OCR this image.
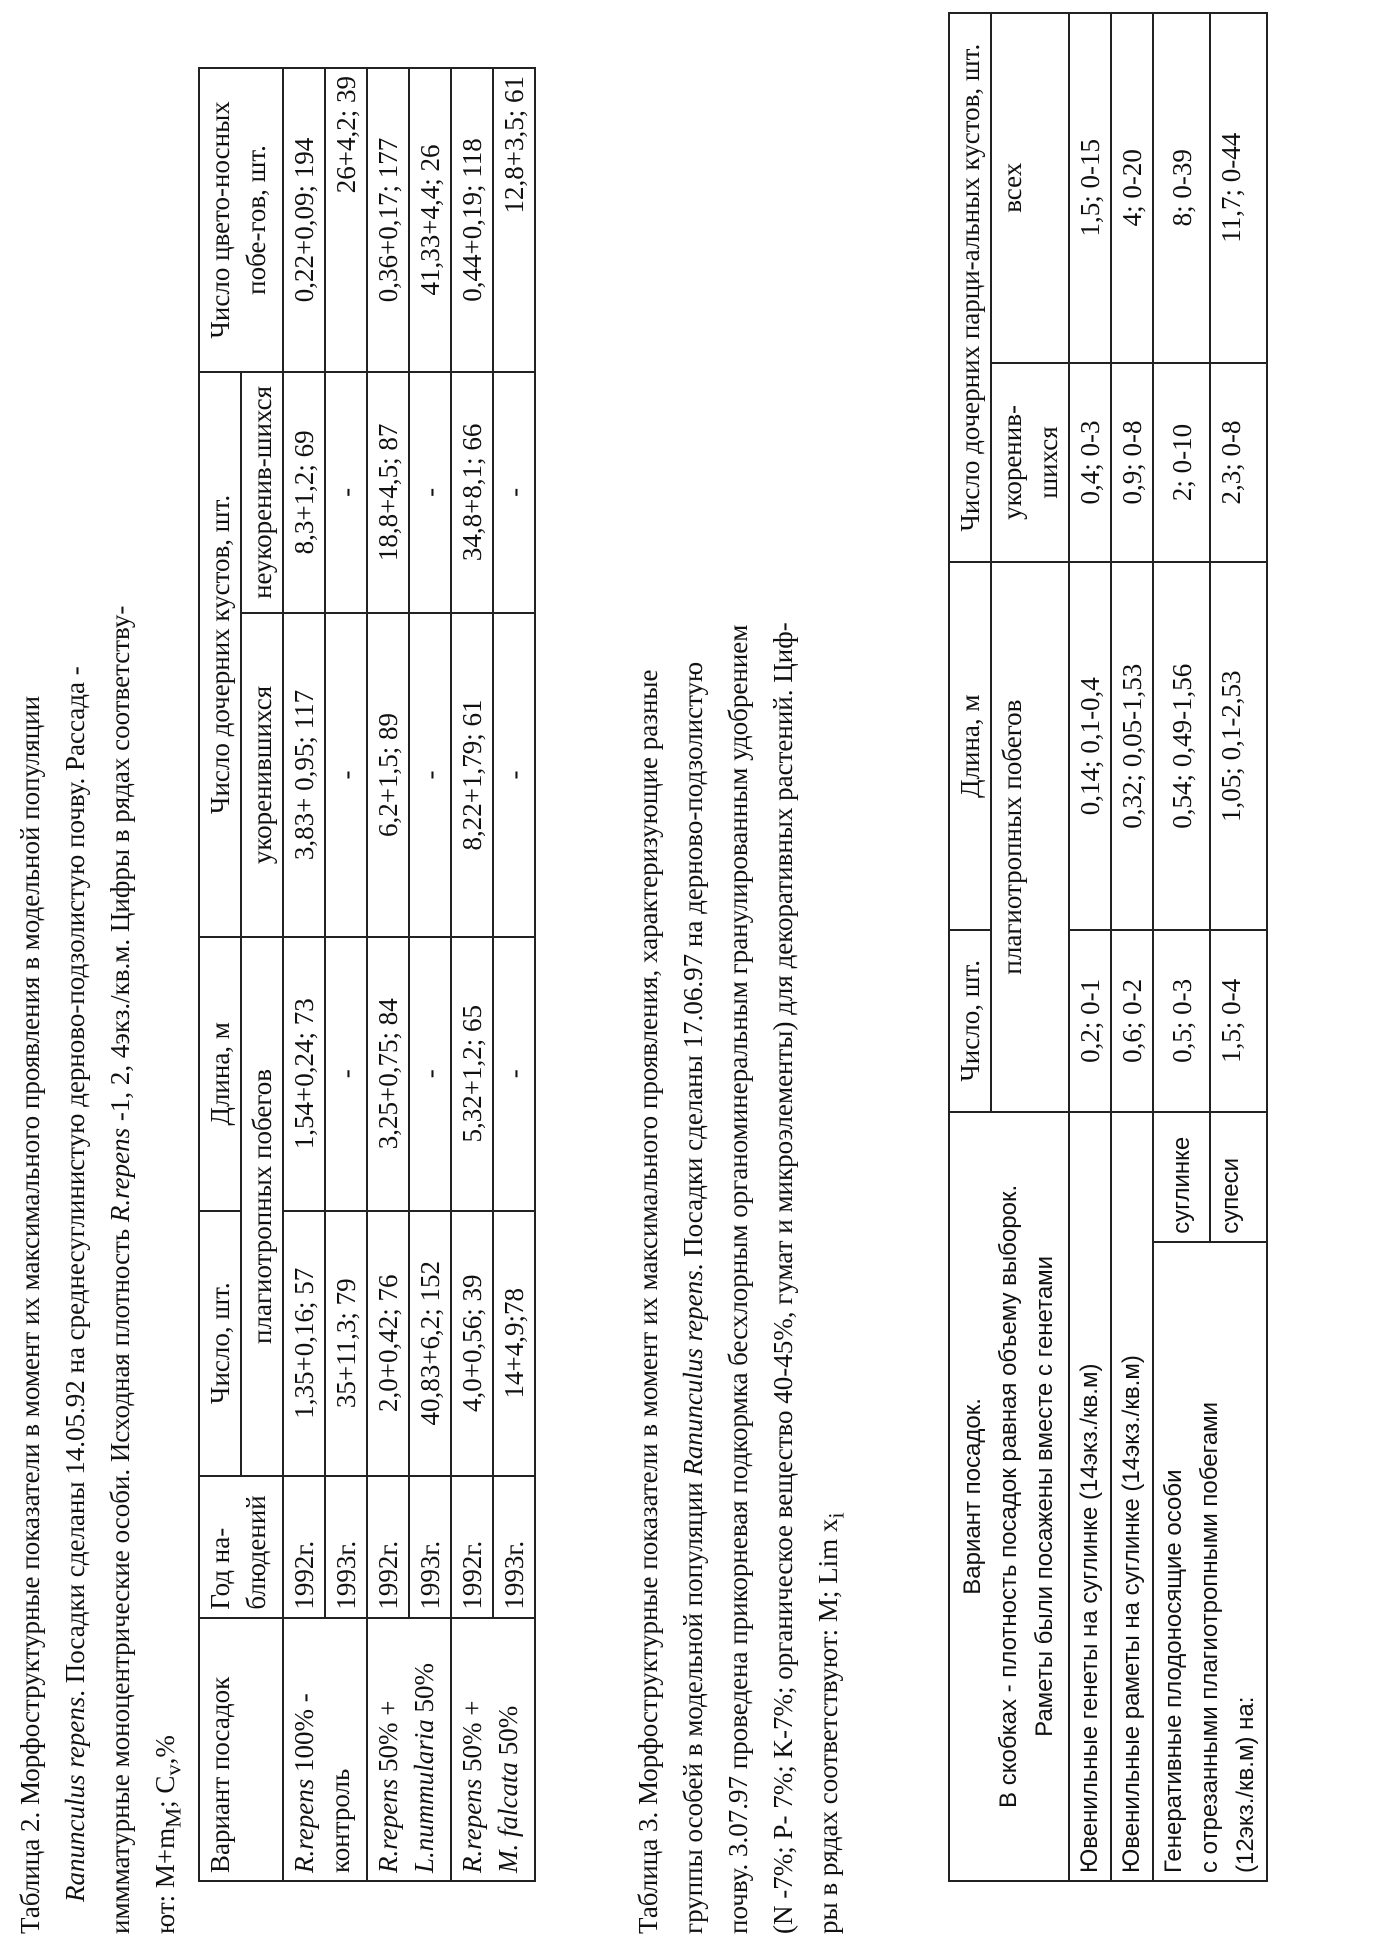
Таблица 2. Морфоструктурные показатели в момент их максимального проявления в модельной популяции Ranunculus repens. Посадки сделаны 14.05.92 на среднесуглинистую дерново-подзолистую почву. Рассада - иммматурные моноцентрические особи. Исходная плотность R.repens -1, 2, 4экз./кв.м. Цифры в рядах соответству-
ют: $M+m_M$; $C_v,\%$ Вариант посадок	Год на-блюдений	Число, шт.	Длина, м	Число дочерних кустов, шт.		Число цвето-носных побе-гов, шт.
		плагиотропных побегов		укоренившихся	неукоренив-шихся	

R.repens 100% -
контроль	1992г.	1,35+0,16; 57	1,54+0,24; 73	3,83+ 0,95; 117	8,3+1,2; 69	0,22+0,09; 194
	1993г.	35+11,3; 79	-	-	-	26+4,2; 39

R.repens 50% + L.nummularia 50%	1992г.	2,0+0,42; 76	3,25+0,75; 84	6,2+1,5; 89	18,8+4,5; 87	0,36+0,17; 177
	1993г.	40,83+6,2; 152	-	-	-	41,33+4,4; 26

R.repens 50% +
M. falcata 50%	1992г.	4,0+0,56; 39	5,32+1,2; 65	8,22+1,79; 61	34,8+8,1; 66	0,44+0,19; 118
	1993г.	14+4,9;78	-	-	-	12,8+3,5; 61
Таблица 3. Морфоструктурные показатели в момент их максимального проявления, характеризующие разные группы особей в модельной популяции Ranunculus repens. Посадки сделаны 17.06.97 на дерново-подзолистую почву. 3.07.97 проведена прикорневая подкормка бесхлорным органоминеральным гранулированным удобрением (N -7%; P- 7%; K-7%; органическое вещество 40-45%, гумат и микроэлементы) для декоративных растений. Циф- ры в рядах соответствуют: M; Lim $x_i$	Вариант посадок. В скобках - плотность посадок равная объему выборок. Раметы были посажены вместе с генетами		Число, шт.	Длина, м	Число дочерних парци-альных кустов, шт.	
		плагиотропных побегов		укоренив-шихся	всех
Ювенильные генеты на суглинке (14экз./кв.м)		0,2; 0-1	0,14; 0,1-0,4	0,4; 0-3	1,5; 0-15
Ювенильные раметы на суглинке (14экз./кв.м)		0,6; 0-2	0,32; 0,05-1,53	0,9; 0-8	4; 0-20

Генеративные плодоносящие особи с отрезанными плагиотропными побегами (12экз./кв.м) на:	суглинке	0,5; 0-3	0,54; 0,49-1,56	2; 0-10	8; 0-39
	супеси	1,5; 0-4	1,05; 0,1-2,53	2,3; 0-8	11,7; 0-44
